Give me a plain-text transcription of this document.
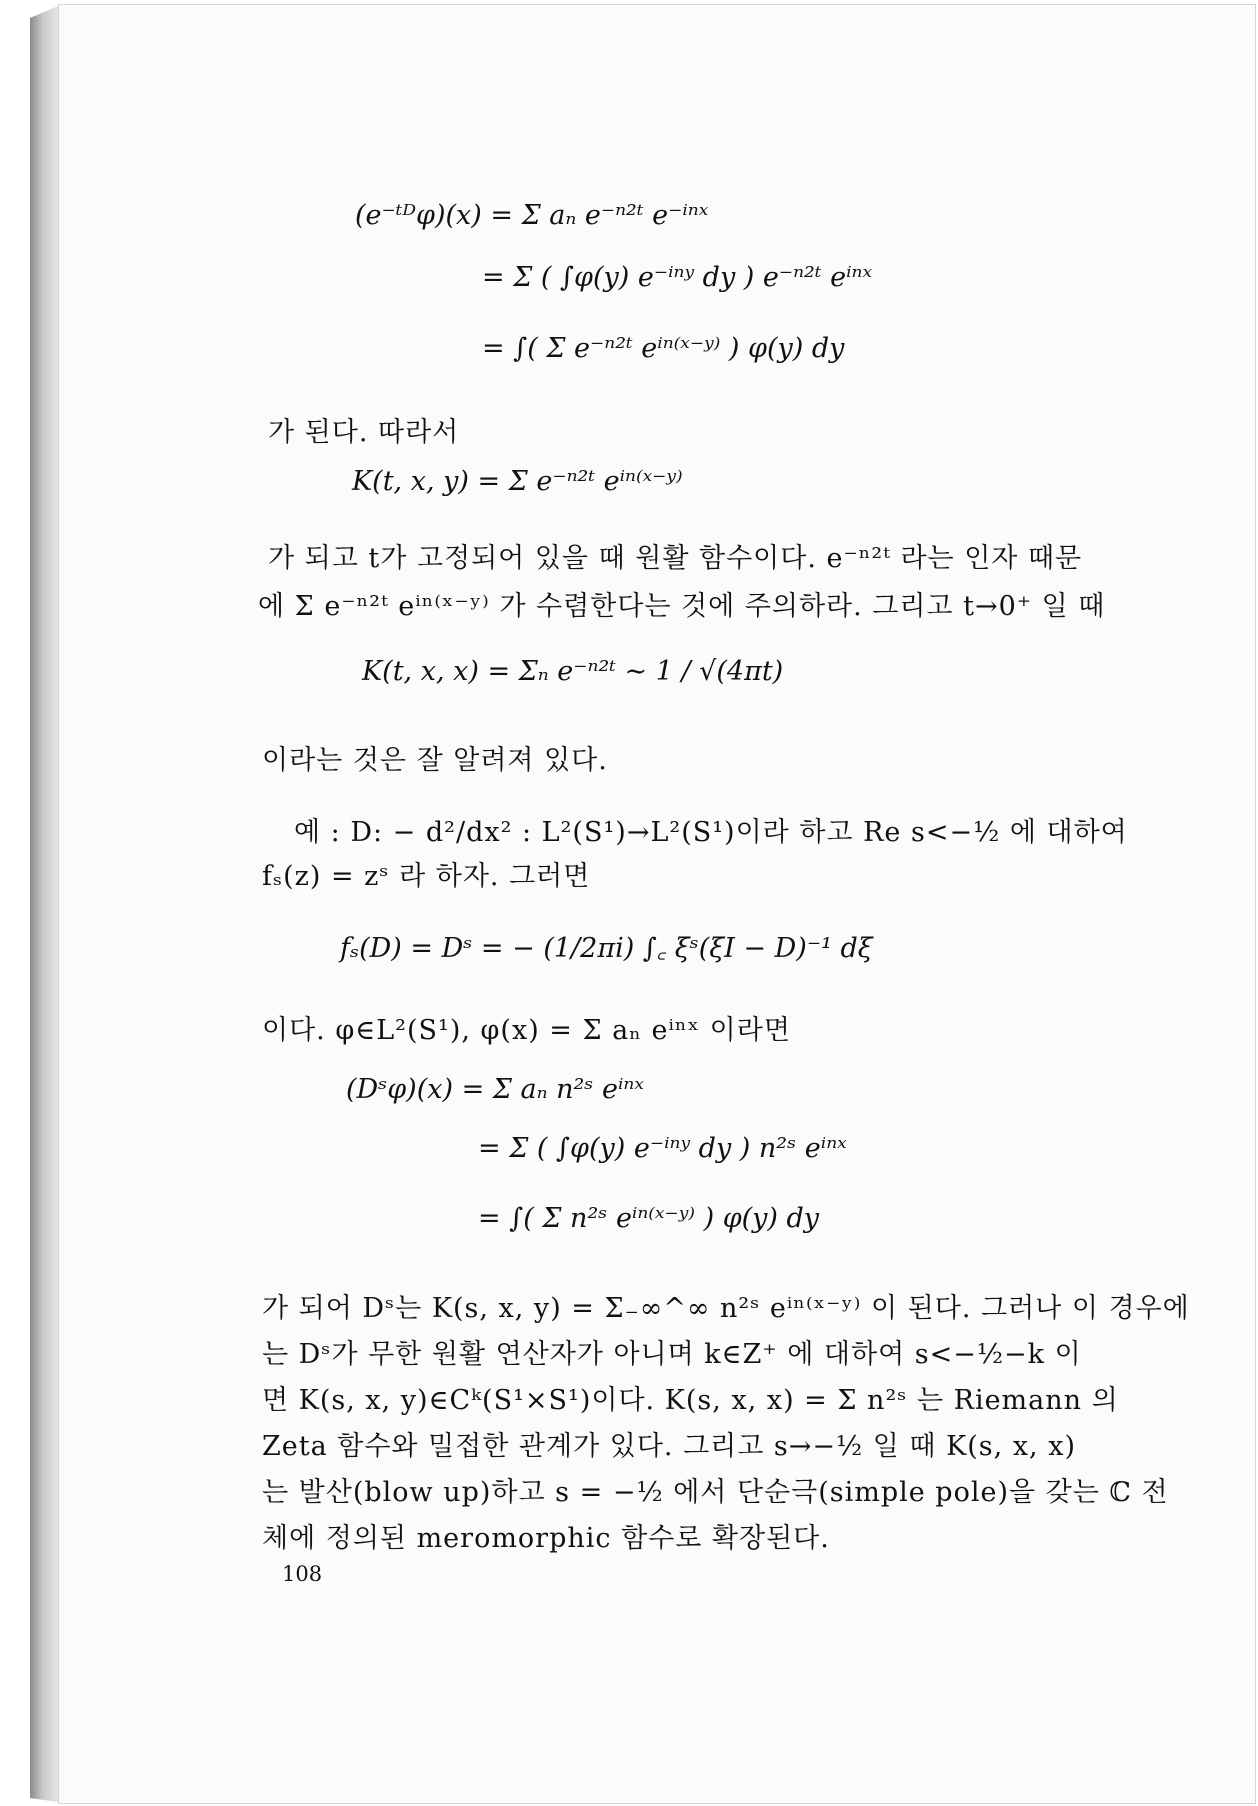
(e⁻ᵗᴰφ)(x) = Σ aₙ e⁻ⁿ²ᵗ e⁻ⁱⁿˣ
= Σ ( ∫φ(y) e⁻ⁱⁿʸ dy ) e⁻ⁿ²ᵗ eⁱⁿˣ
= ∫( Σ e⁻ⁿ²ᵗ eⁱⁿ⁽ˣ⁻ʸ⁾ ) φ(y) dy
가 된다. 따라서
K(t, x, y) = Σ e⁻ⁿ²ᵗ eⁱⁿ⁽ˣ⁻ʸ⁾
가 되고 t가 고정되어 있을 때 원활 함수이다. e⁻ⁿ²ᵗ 라는 인자 때문
에 Σ e⁻ⁿ²ᵗ eⁱⁿ⁽ˣ⁻ʸ⁾ 가 수렴한다는 것에 주의하라. 그리고 t→0⁺ 일 때
K(t, x, x) = Σₙ e⁻ⁿ²ᵗ ∼ 1 / √(4πt)
이라는 것은 잘 알려져 있다.
예 : D: − d²/dx² : L²(S¹)→L²(S¹)이라 하고 Re s<−½ 에 대하여
fₛ(z) = zˢ 라 하자. 그러면
fₛ(D) = Dˢ = − (1/2πi) ∫꜀ ξˢ(ξI − D)⁻¹ dξ
이다. φ∈L²(S¹), φ(x) = Σ aₙ eⁱⁿˣ 이라면
(Dˢφ)(x) = Σ aₙ n²ˢ eⁱⁿˣ
= Σ ( ∫φ(y) e⁻ⁱⁿʸ dy ) n²ˢ eⁱⁿˣ
= ∫( Σ n²ˢ eⁱⁿ⁽ˣ⁻ʸ⁾ ) φ(y) dy
가 되어 Dˢ는 K(s, x, y) = Σ₋∞^∞ n²ˢ eⁱⁿ⁽ˣ⁻ʸ⁾ 이 된다. 그러나 이 경우에
는 Dˢ가 무한 원활 연산자가 아니며 k∈Z⁺ 에 대하여 s<−½−k 이
면 K(s, x, y)∈Cᵏ(S¹×S¹)이다. K(s, x, x) = Σ n²ˢ 는 Riemann 의
Zeta 함수와 밀접한 관계가 있다. 그리고 s→−½ 일 때 K(s, x, x)
는 발산(blow up)하고 s = −½ 에서 단순극(simple pole)을 갖는 ℂ 전
체에 정의된 meromorphic 함수로 확장된다.
108
